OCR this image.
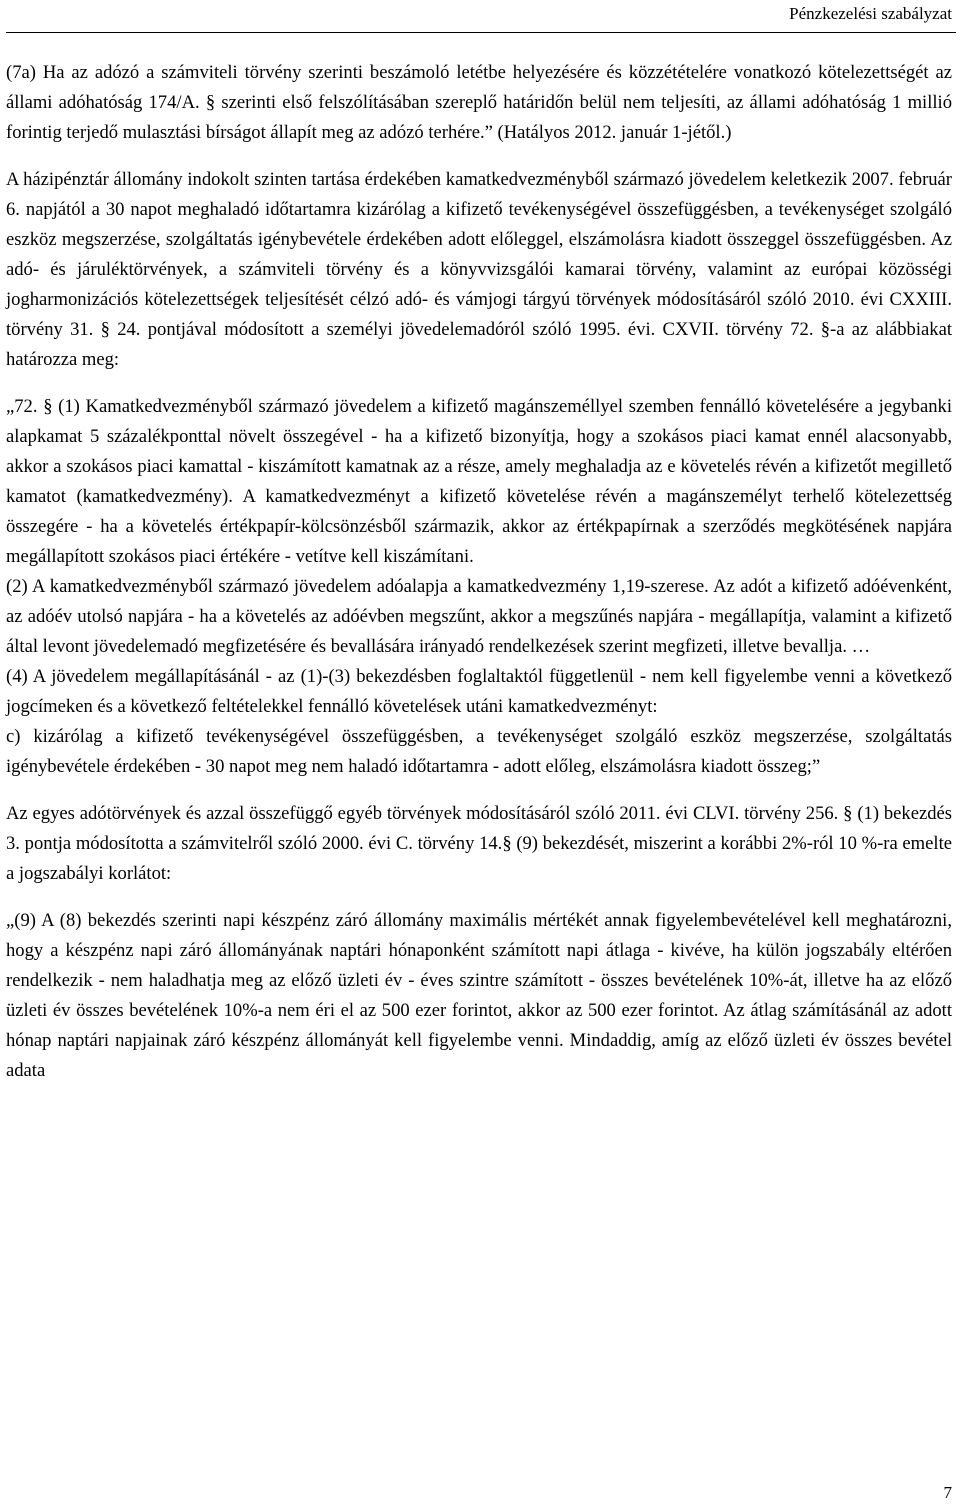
Pénzkezelési szabályzat

(7a) Ha az adózó a számviteli törvény szerinti beszámoló letétbe helyezésére és közzétételére vonatkozó kötelezettségét az állami adóhatóság 174/A. § szerinti első felszólításában szereplő határidőn belül nem teljesíti, az állami adóhatóság 1 millió forintig terjedő mulasztási bírságot állapít meg az adózó terhére.” (Hatályos 2012. január 1-jétől.)

A házipénztár állomány indokolt szinten tartása érdekében kamatkedvezményből származó jövedelem keletkezik 2007. február 6. napjától a 30 napot meghaladó időtartamra kizárólag a kifizető tevékenységével összefüggésben, a tevékenységet szolgáló eszköz megszerzése, szolgáltatás igénybevétele érdekében adott előleggel, elszámolásra kiadott összeggel összefüggésben. Az adó- és járuléktörvények, a számviteli törvény és a könyvvizsgálói kamarai törvény, valamint az európai közösségi jogharmonizációs kötelezettségek teljesítését célzó adó- és vámjogi tárgyú törvények módosításáról szóló 2010. évi CXXIII. törvény 31. § 24. pontjával módosított a személyi jövedelemadóról szóló 1995. évi. CXVII. törvény 72. §-a az alábbiakat határozza meg:

„72. § (1) Kamatkedvezményből származó jövedelem a kifizető magánszeméllyel szemben fennálló követelésére a jegybanki alapkamat 5 százalékponttal növelt összegével - ha a kifizető bizonyítja, hogy a szokásos piaci kamat ennél alacsonyabb, akkor a szokásos piaci kamattal - kiszámított kamatnak az a része, amely meghaladja az e követelés révén a kifizetőt megillető kamatot (kamatkedvezmény). A kamatkedvezményt a kifizető követelése révén a magánszemélyt terhelő kötelezettség összegére - ha a követelés értékpapír-kölcsönzésből származik, akkor az értékpapírnak a szerződés megkötésének napjára megállapított szokásos piaci értékére - vetítve kell kiszámítani.

(2) A kamatkedvezményből származó jövedelem adóalapja a kamatkedvezmény 1,19-szerese. Az adót a kifizető adóévenként, az adóév utolsó napjára - ha a követelés az adóévben megszűnt, akkor a megszűnés napjára - megállapítja, valamint a kifizető által levont jövedelemadó megfizetésére és bevallására irányadó rendelkezések szerint megfizeti, illetve bevallja. …

(4) A jövedelem megállapításánál - az (1)-(3) bekezdésben foglaltaktól függetlenül - nem kell figyelembe venni a következő jogcímeken és a következő feltételekkel fennálló követelések utáni kamatkedvezményt:

c) kizárólag a kifizető tevékenységével összefüggésben, a tevékenységet szolgáló eszköz megszerzése, szolgáltatás igénybevétele érdekében - 30 napot meg nem haladó időtartamra - adott előleg, elszámolásra kiadott összeg;”

Az egyes adótörvények és azzal összefüggő egyéb törvények módosításáról szóló 2011. évi CLVI. törvény 256. § (1) bekezdés 3. pontja módosította a számvitelről szóló 2000. évi C. törvény 14.§ (9) bekezdését, miszerint a korábbi 2%-ról 10 %-ra emelte a jogszabályi korlátot:

„(9) A (8) bekezdés szerinti napi készpénz záró állomány maximális mértékét annak figyelembevételével kell meghatározni, hogy a készpénz napi záró állományának naptári hónaponként számított napi átlaga - kivéve, ha külön jogszabály eltérően rendelkezik - nem haladhatja meg az előző üzleti év - éves szintre számított - összes bevételének 10%-át, illetve ha az előző üzleti év összes bevételének 10%-a nem éri el az 500 ezer forintot, akkor az 500 ezer forintot. Az átlag számításánál az adott hónap naptári napjainak záró készpénz állományát kell figyelembe venni. Mindaddig, amíg az előző üzleti év összes bevétel adata

7
